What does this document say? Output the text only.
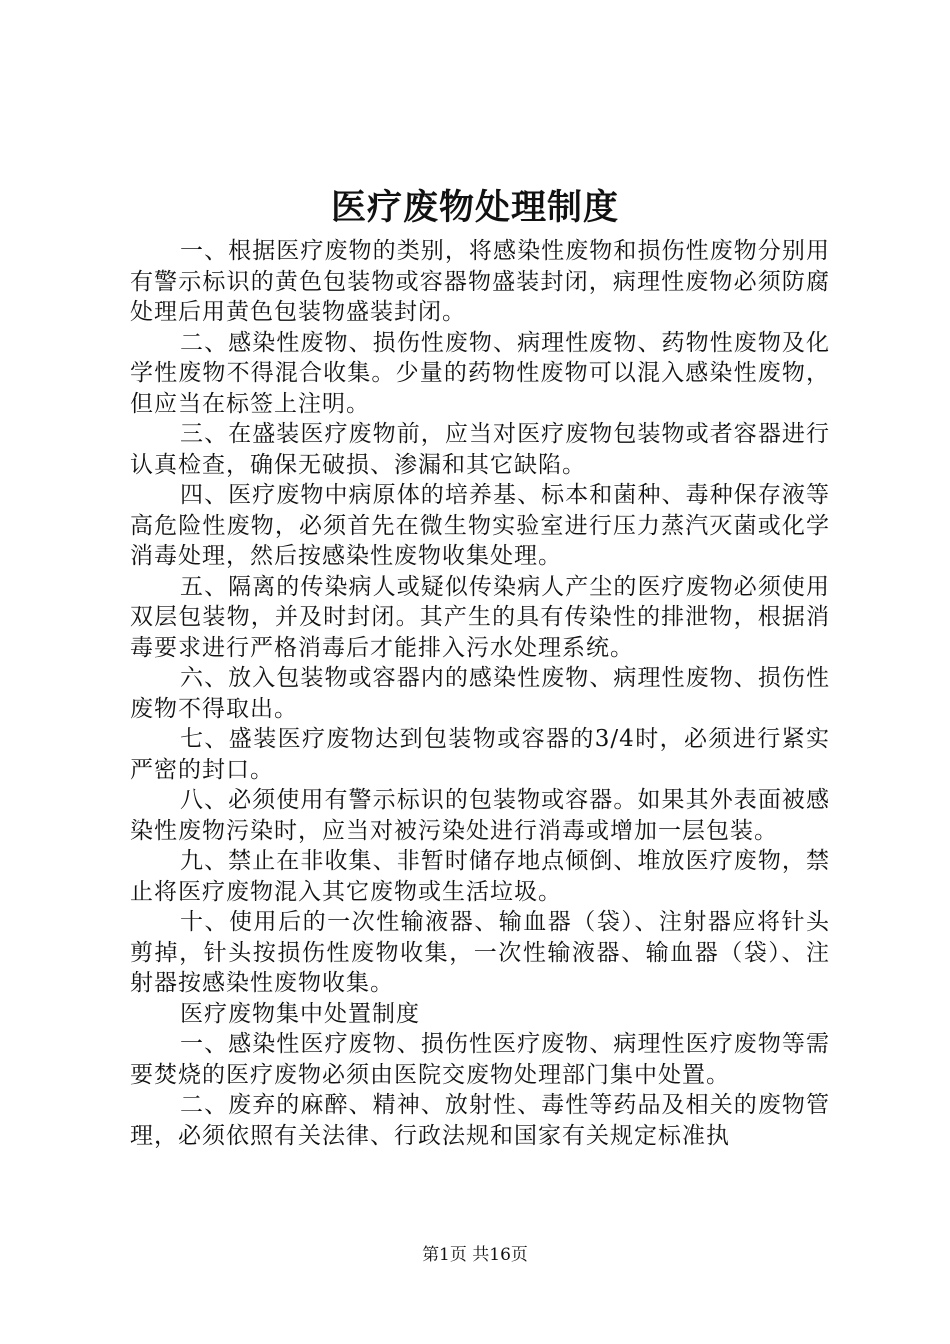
医疗废物处理制度

一、根据医疗废物的类别，将感染性废物和损伤性废物分别用有警示标识的黄色包装物或容器物盛装封闭，病理性废物必须防腐处理后用黄色包装物盛装封闭。

二、感染性废物、损伤性废物、病理性废物、药物性废物及化学性废物不得混合收集。少量的药物性废物可以混入感染性废物，但应当在标签上注明。

三、在盛装医疗废物前，应当对医疗废物包装物或者容器进行认真检查，确保无破损、渗漏和其它缺陷。

四、医疗废物中病原体的培养基、标本和菌种、毒种保存液等高危险性废物，必须首先在微生物实验室进行压力蒸汽灭菌或化学消毒处理，然后按感染性废物收集处理。

五、隔离的传染病人或疑似传染病人产尘的医疗废物必须使用双层包装物，并及时封闭。其产生的具有传染性的排泄物，根据消毒要求进行严格消毒后才能排入污水处理系统。

六、放入包装物或容器内的感染性废物、病理性废物、损伤性废物不得取出。

七、盛装医疗废物达到包装物或容器的3/4时，必须进行紧实严密的封口。

八、必须使用有警示标识的包装物或容器。如果其外表面被感染性废物污染时，应当对被污染处进行消毒或增加一层包装。

九、禁止在非收集、非暂时储存地点倾倒、堆放医疗废物，禁止将医疗废物混入其它废物或生活垃圾。

十、使用后的一次性输液器、输血器（袋）、注射器应将针头剪掉，针头按损伤性废物收集，一次性输液器、输血器（袋）、注射器按感染性废物收集。

医疗废物集中处置制度

一、感染性医疗废物、损伤性医疗废物、病理性医疗废物等需要焚烧的医疗废物必须由医院交废物处理部门集中处置。

二、废弃的麻醉、精神、放射性、毒性等药品及相关的废物管理，必须依照有关法律、行政法规和国家有关规定标准执

第1页 共16页
